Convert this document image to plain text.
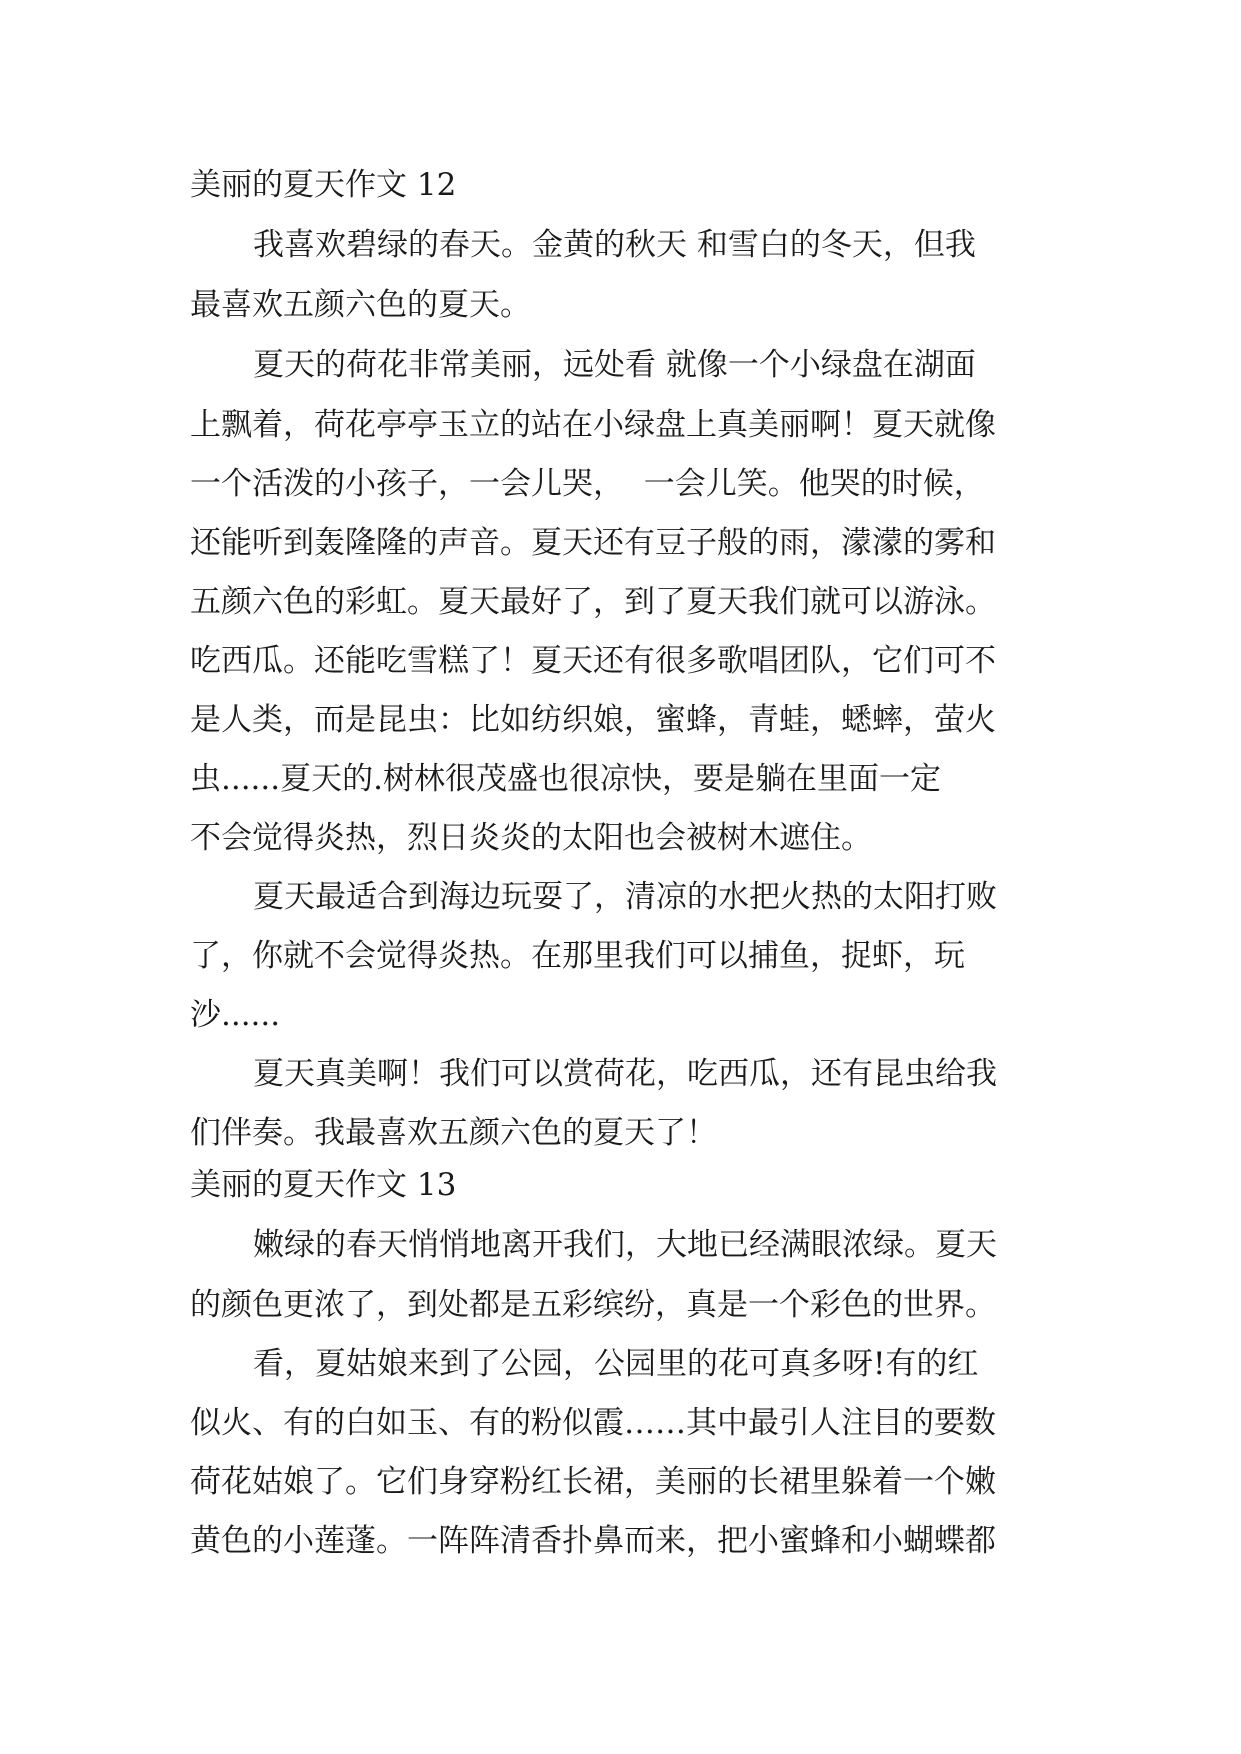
美丽的夏天作文 12
我喜欢碧绿的春天。金黄的秋天 和雪白的冬天，但我
最喜欢五颜六色的夏天。
夏天的荷花非常美丽，远处看 就像一个小绿盘在湖面
上飘着，荷花亭亭玉立的站在小绿盘上真美丽啊！夏天就像
一个活泼的小孩子，一会儿哭，  一会儿笑。他哭的时候，
还能听到轰隆隆的声音。夏天还有豆子般的雨，濛濛的雾和
五颜六色的彩虹。夏天最好了，到了夏天我们就可以游泳。
吃西瓜。还能吃雪糕了！夏天还有很多歌唱团队，它们可不
是人类，而是昆虫：比如纺织娘，蜜蜂，青蛙，蟋蟀，萤火
虫......夏天的.树林很茂盛也很凉快，要是躺在里面一定
不会觉得炎热，烈日炎炎的太阳也会被树木遮住。
夏天最适合到海边玩耍了，清凉的水把火热的太阳打败
了，你就不会觉得炎热。在那里我们可以捕鱼，捉虾，玩
沙......
夏天真美啊！我们可以赏荷花，吃西瓜，还有昆虫给我
们伴奏。我最喜欢五颜六色的夏天了！
美丽的夏天作文 13
嫩绿的春天悄悄地离开我们，大地已经满眼浓绿。夏天
的颜色更浓了，到处都是五彩缤纷，真是一个彩色的世界。
看，夏姑娘来到了公园，公园里的花可真多呀!有的红
似火、有的白如玉、有的粉似霞……其中最引人注目的要数
荷花姑娘了。它们身穿粉红长裙，美丽的长裙里躲着一个嫩
黄色的小莲蓬。一阵阵清香扑鼻而来，把小蜜蜂和小蝴蝶都
